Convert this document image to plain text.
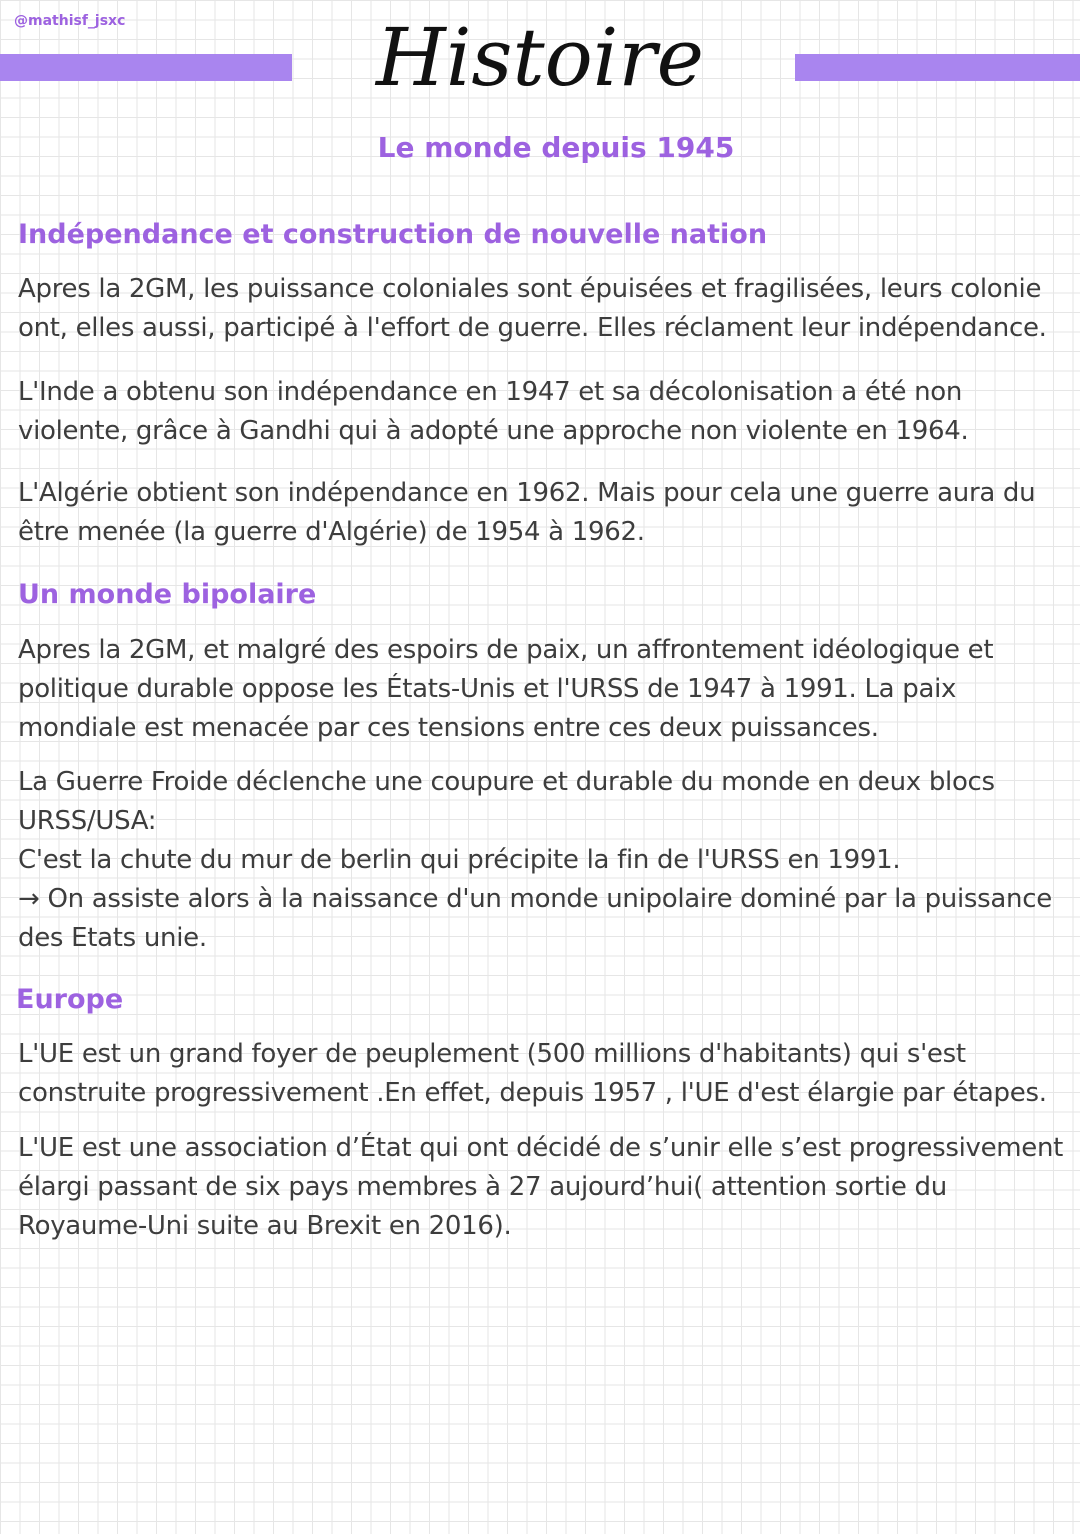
@mathisf_jsxc	Histoire
Le monde depuis 1945
Indépendance et construction de nouvelle nation

Apres la 2GM, les puissance coloniales sont épuisées et fragilisées, leurs colonie
ont, elles aussi, participé à l'effort de guerre. Elles réclament leur indépendance.

L'Inde a obtenu son indépendance en 1947 et sa décolonisation a été non
violente, grâce à Gandhi qui à adopté une approche non violente en 1964.

L'Algérie obtient son indépendance en 1962. Mais pour cela une guerre aura du
être menée (la guerre d'Algérie) de 1954 à 1962.

Un monde bipolaire

Apres la 2GM, et malgré des espoirs de paix, un affrontement idéologique et
politique durable oppose les États-Unis et l'URSS de 1947 à 1991. La paix
mondiale est menacée par ces tensions entre ces deux puissances.

La Guerre Froide déclenche une coupure et durable du monde en deux blocs
URSS/USA:
C'est la chute du mur de berlin qui précipite la fin de l'URSS en 1991.
→ On assiste alors à la naissance d'un monde unipolaire dominé par la puissance
des Etats unie.

Europe

L'UE est un grand foyer de peuplement (500 millions d'habitants) qui s'est
construite progressivement .En effet, depuis 1957 , l'UE d'est élargie par étapes.

L'UE est une association d’État qui ont décidé de s’unir elle s’est progressivement
élargi passant de six pays membres à 27 aujourd’hui( attention sortie du
Royaume-Uni suite au Brexit en 2016).
